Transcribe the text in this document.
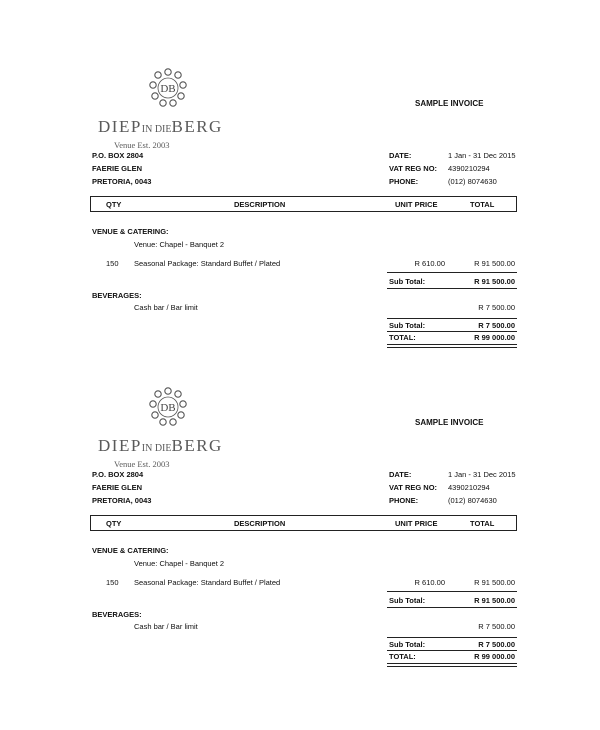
DB
DIEPIN DIEBERG
Venue Est. 2003
SAMPLE INVOICE
P.O. BOX 2804
FAERIE GLEN
PRETORIA, 0043
DATE:	1 Jan - 31 Dec 2015
VAT REG NO: 4390210294
PHONE:	(012) 8074630
QTY	DESCRIPTION	UNIT PRICE	TOTAL
VENUE & CATERING:
Venue: Chapel - Banquet 2
150 Seasonal Package: Standard Buffet / Plated	R 610.00	R 91 500.00
Sub Total:	R 91 500.00
BEVERAGES:
Cash bar / Bar limit	R 7 500.00
Sub Total:	R 7 500.00
TOTAL:	R 99 000.00
DB
DIEPIN DIEBERG
Venue Est. 2003
SAMPLE INVOICE
P.O. BOX 2804
FAERIE GLEN
PRETORIA, 0043
DATE:	1 Jan - 31 Dec 2015
VAT REG NO: 4390210294
PHONE:	(012) 8074630
QTY	DESCRIPTION	UNIT PRICE	TOTAL
VENUE & CATERING:
Venue: Chapel - Banquet 2
150 Seasonal Package: Standard Buffet / Plated	R 610.00	R 91 500.00
Sub Total:	R 91 500.00
BEVERAGES:
Cash bar / Bar limit	R 7 500.00
Sub Total:	R 7 500.00
TOTAL:	R 99 000.00
